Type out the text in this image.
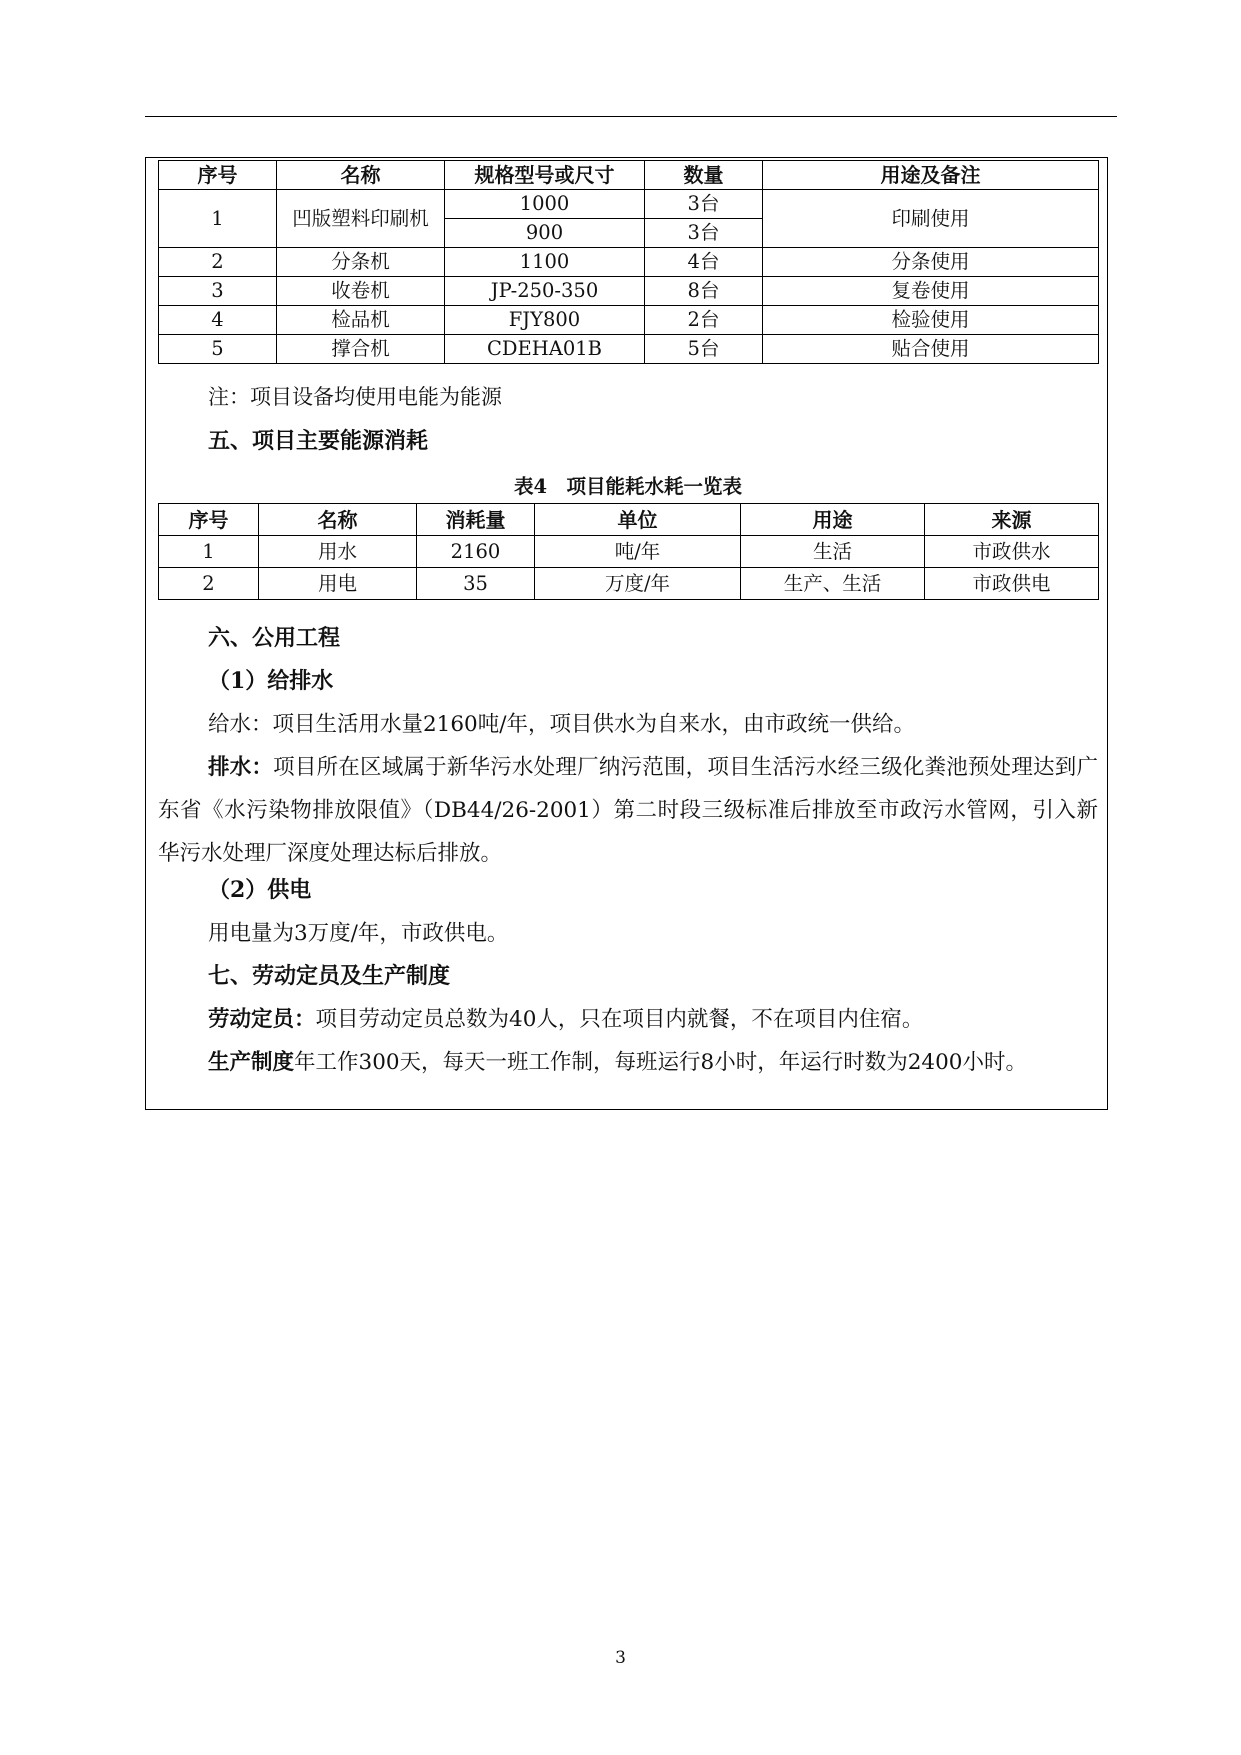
序号	名称	规格型号或尺寸	数量	用途及备注
1	凹版塑料印刷机	1000	3台	印刷使用
		900	3台	
2	分条机	1100	4台	分条使用
3	收卷机	JP-250-350	8台	复卷使用
4	检品机	FJY800	2台	检验使用
5	撑合机	CDEHA01B	5台	贴合使用
注：项目设备均使用电能为能源
五、项目主要能源消耗
表4　项目能耗水耗一览表
序号	名称	消耗量	单位	用途	来源
1	用水	2160	吨/年	生活	市政供水
2	用电	35	万度/年	生产、生活	市政供电
六、公用工程
（1）给排水
给水：项目生活用水量2160吨/年，项目供水为自来水，由市政统一供给。
排水：项目所在区域属于新华污水处理厂纳污范围，项目生活污水经三级化粪池预处理达到广东省《水污染物排放限值》（DB44/26-2001）第二时段三级标准后排放至市政污水管网，引入新华污水处理厂深度处理达标后排放。
（2）供电
用电量为3万度/年，市政供电。
七、劳动定员及生产制度
劳动定员：项目劳动定员总数为40人，只在项目内就餐，不在项目内住宿。
生产制度年工作300天，每天一班工作制，每班运行8小时，年运行时数为2400小时。
3
